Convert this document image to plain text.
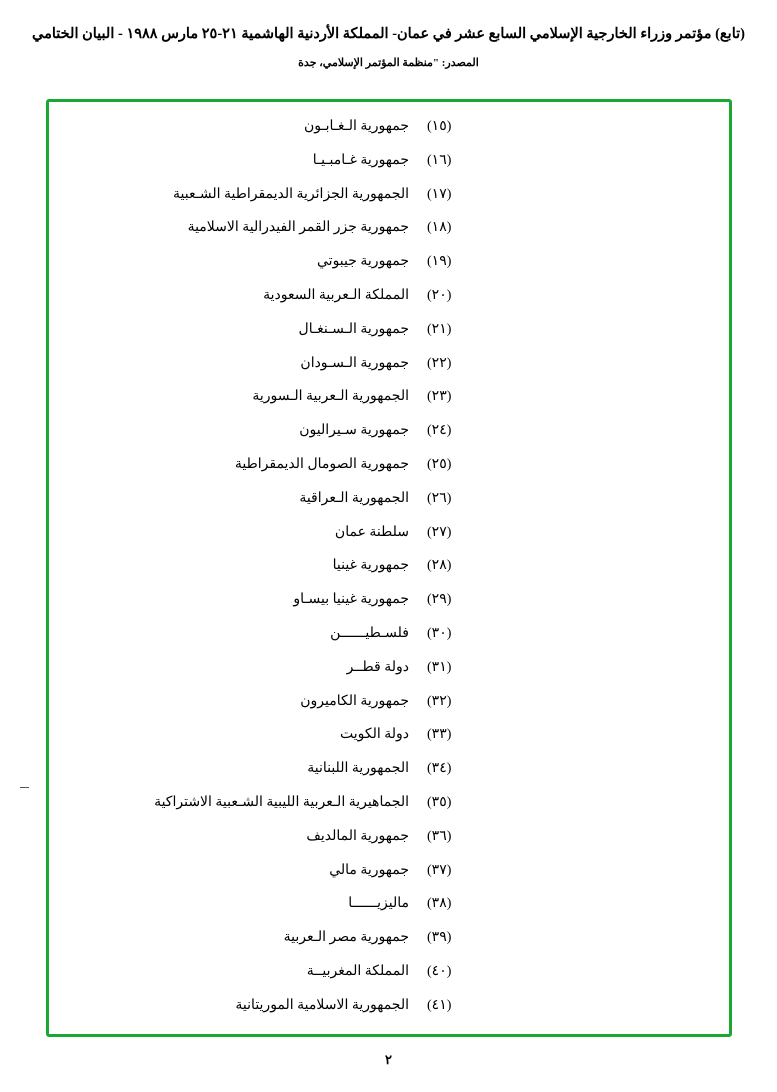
(تابع) مؤتمر وزراء الخارجية الإسلامي السابع عشر في عمان- المملكة الأردنية الهاشمية ٢١-٢٥ مارس ١٩٨٨ - البيان الختامي
المصدر: "منظمة المؤتمر الإسلامي، جدة
(١٥)
جمهورية الـغـابـون
(١٦)
جمهورية غـامبـيـا
(١٧)
الجمهورية الجزائرية الديمقراطية الشـعبية
(١٨)
جمهورية جزر القمر الفيدرالية الاسلامية
(١٩)
جمهورية جيبوتي
(٢٠)
المملكة الـعربية السعودية
(٢١)
جمهورية الـسـنغـال
(٢٢)
جمهورية الـسـودان
(٢٣)
الجمهورية الـعربية الـسورية
(٢٤)
جمهورية سـيراليون
(٢٥)
جمهورية الصومال الديمقراطية
(٢٦)
الجمهورية الـعراقية
(٢٧)
سلطنة عمان
(٢٨)
جمهورية غينيا
(٢٩)
جمهورية غينيا بيسـاو
(٣٠)
فلسـطيــــــن
(٣١)
دولة قطــر
(٣٢)
جمهورية الكاميرون
(٣٣)
دولة الكويت
(٣٤)
الجمهورية اللبنانية
(٣٥)
الجماهيرية الـعربية الليبية الشـعبية الاشتراكية
(٣٦)
جمهورية المالديف
(٣٧)
جمهورية مالي
(٣٨)
ماليزيــــــا
(٣٩)
جمهورية مصر الـعربية
(٤٠)
المملكة المغربيــة
(٤١)
الجمهورية الاسلامية الموريتانية
٢
